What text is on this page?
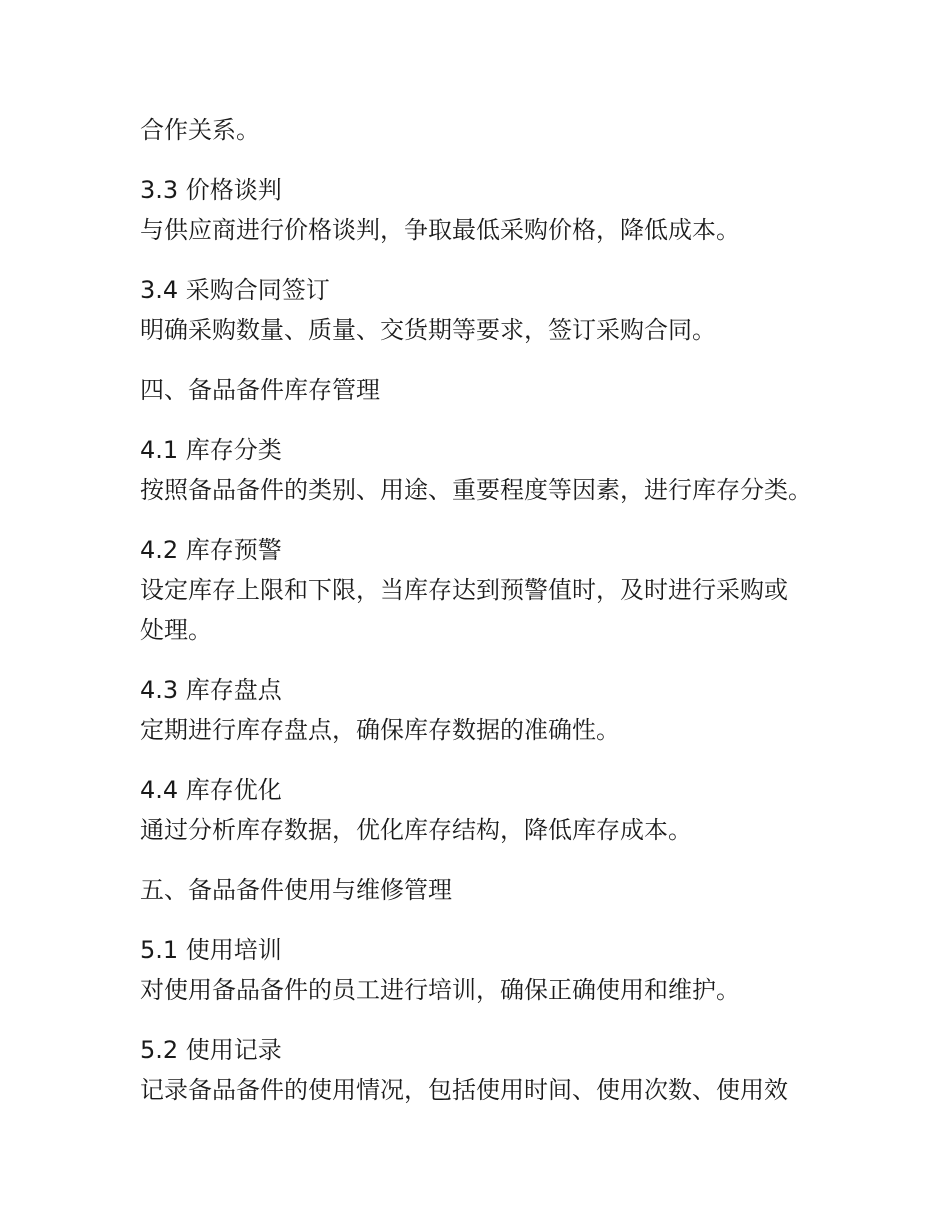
合作关系。
3.3 价格谈判
与供应商进行价格谈判，争取最低采购价格，降低成本。
3.4 采购合同签订
明确采购数量、质量、交货期等要求，签订采购合同。
四、备品备件库存管理
4.1 库存分类
按照备品备件的类别、用途、重要程度等因素，进行库存分类。
4.2 库存预警
设定库存上限和下限，当库存达到预警值时，及时进行采购或
处理。
4.3 库存盘点
定期进行库存盘点，确保库存数据的准确性。
4.4 库存优化
通过分析库存数据，优化库存结构，降低库存成本。
五、备品备件使用与维修管理
5.1 使用培训
对使用备品备件的员工进行培训，确保正确使用和维护。
5.2 使用记录
记录备品备件的使用情况，包括使用时间、使用次数、使用效
